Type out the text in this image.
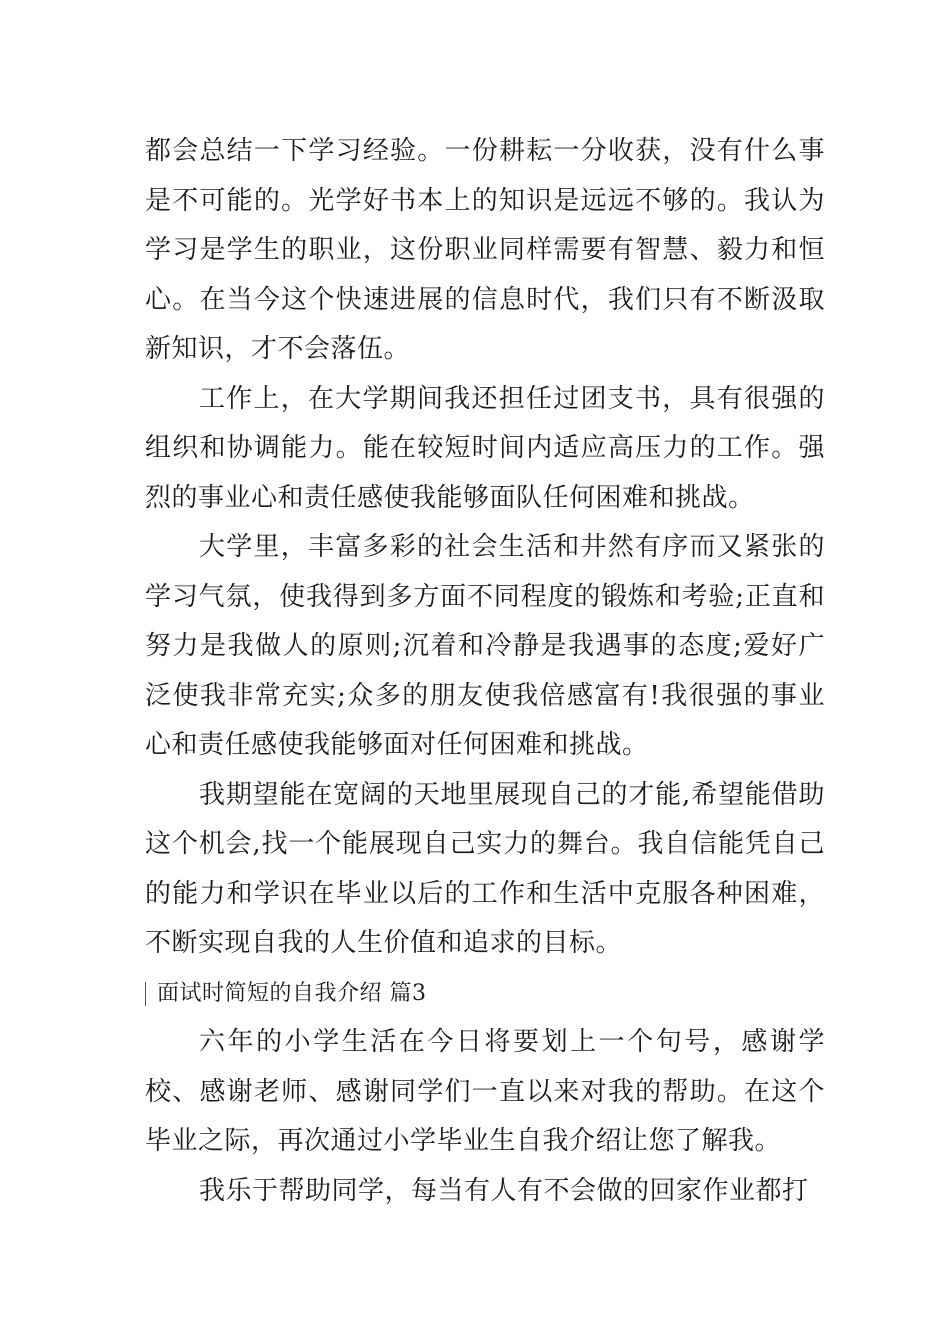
都会总结一下学习经验。一份耕耘一分收获，没有什么事是不可能的。光学好书本上的知识是远远不够的。我认为学习是学生的职业，这份职业同样需要有智慧、毅力和恒心。在当今这个快速进展的信息时代，我们只有不断汲取新知识，才不会落伍。

工作上，在大学期间我还担任过团支书，具有很强的组织和协调能力。能在较短时间内适应高压力的工作。强烈的事业心和责任感使我能够面队任何困难和挑战。

大学里，丰富多彩的社会生活和井然有序而又紧张的学习气氛，使我得到多方面不同程度的锻炼和考验;正直和努力是我做人的原则;沉着和冷静是我遇事的态度;爱好广泛使我非常充实;众多的朋友使我倍感富有!我很强的事业心和责任感使我能够面对任何困难和挑战。

我期望能在宽阔的天地里展现自己的才能,希望能借助这个机会,找一个能展现自己实力的舞台。我自信能凭自己的能力和学识在毕业以后的工作和生活中克服各种困难，不断实现自我的人生价值和追求的目标。

面试时简短的自我介绍 篇3

六年的小学生活在今日将要划上一个句号，感谢学校、感谢老师、感谢同学们一直以来对我的帮助。在这个毕业之际，再次通过小学毕业生自我介绍让您了解我。

我乐于帮助同学，每当有人有不会做的回家作业都打
